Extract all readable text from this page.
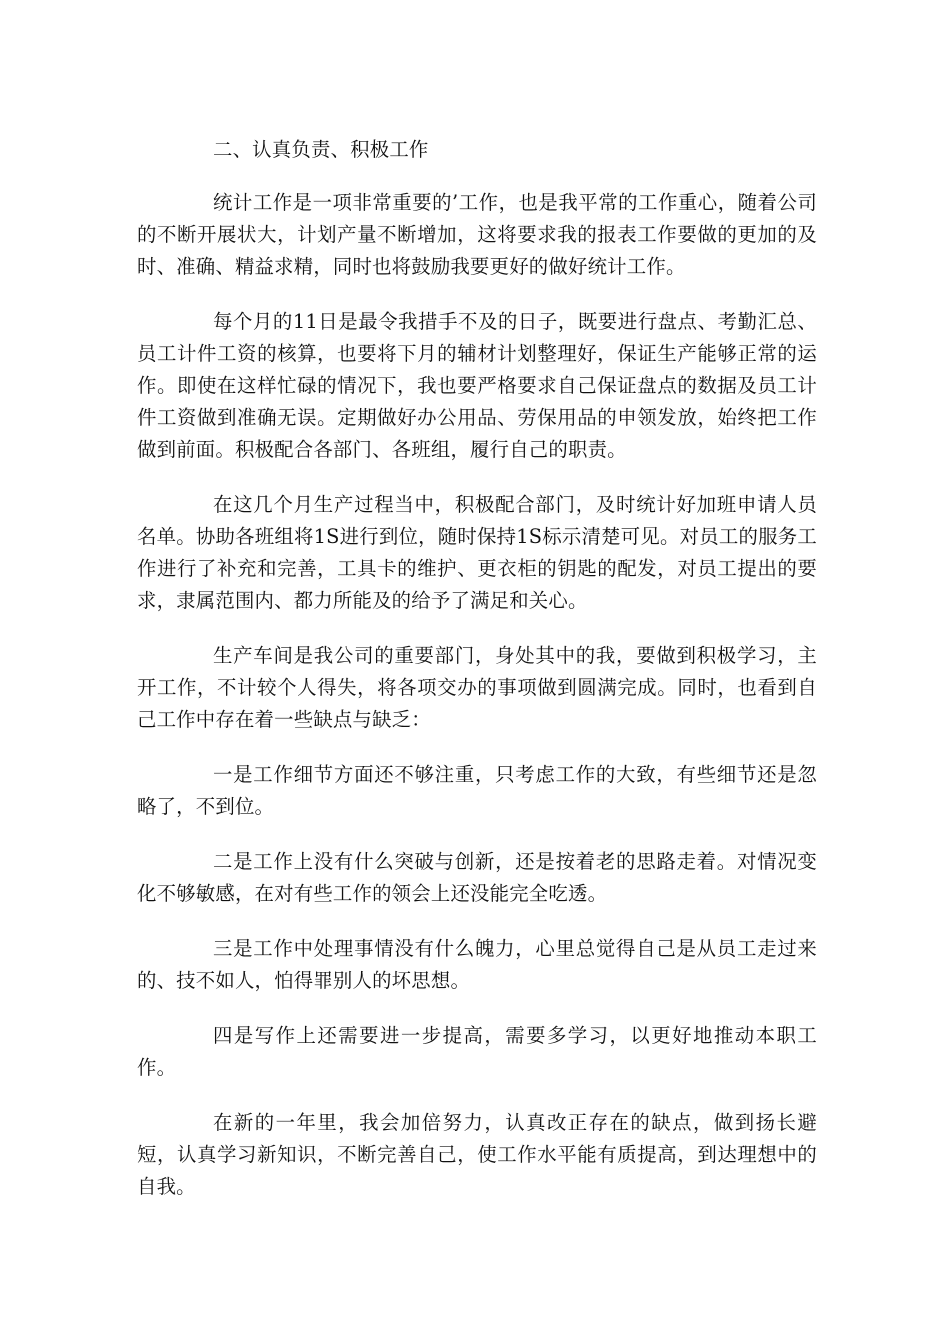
二、认真负责、积极工作

统计工作是一项非常重要的’工作，也是我平常的工作重心，随着公司的不断开展状大，计划产量不断增加，这将要求我的报表工作要做的更加的及时、准确、精益求精，同时也将鼓励我要更好的做好统计工作。

每个月的11日是最令我措手不及的日子，既要进行盘点、考勤汇总、员工计件工资的核算，也要将下月的辅材计划整理好，保证生产能够正常的运作。即使在这样忙碌的情况下，我也要严格要求自己保证盘点的数据及员工计件工资做到准确无误。定期做好办公用品、劳保用品的申领发放，始终把工作做到前面。积极配合各部门、各班组，履行自己的职责。

在这几个月生产过程当中，积极配合部门，及时统计好加班申请人员名单。协助各班组将1S进行到位，随时保持1S标示清楚可见。对员工的服务工作进行了补充和完善，工具卡的维护、更衣柜的钥匙的配发，对员工提出的要求，隶属范围内、都力所能及的给予了满足和关心。

生产车间是我公司的重要部门，身处其中的我，要做到积极学习，主开工作，不计较个人得失，将各项交办的事项做到圆满完成。同时，也看到自己工作中存在着一些缺点与缺乏：

一是工作细节方面还不够注重，只考虑工作的大致，有些细节还是忽略了，不到位。

二是工作上没有什么突破与创新，还是按着老的思路走着。对情况变化不够敏感，在对有些工作的领会上还没能完全吃透。

三是工作中处理事情没有什么魄力，心里总觉得自己是从员工走过来的、技不如人，怕得罪别人的坏思想。

四是写作上还需要进一步提高，需要多学习，以更好地推动本职工作。

在新的一年里，我会加倍努力，认真改正存在的缺点，做到扬长避短，认真学习新知识，不断完善自己，使工作水平能有质提高，到达理想中的自我。
